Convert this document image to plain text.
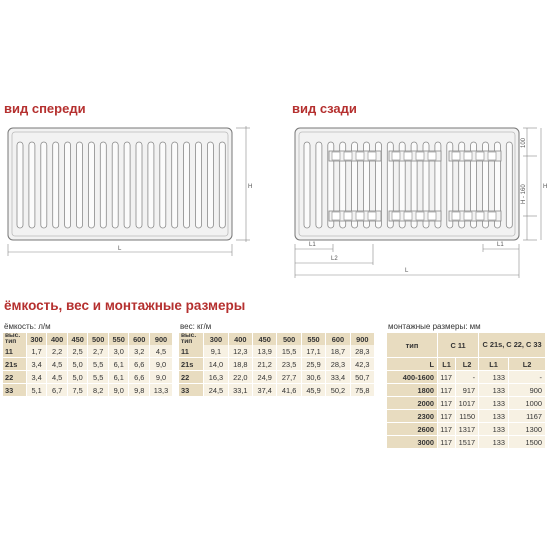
вид спереди	вид сзади
ёмкость, вес и монтажные размеры
H
L
100
H - 160	H
L1	L1
L2
L
ёмкость: л/м
выс.
тип	300	400	450	500	550	600	900
11	1,7	2,2	2,5	2,7	3,0	3,2	4,5
21s	3,4	4,5	5,0	5,5	6,1	6,6	9,0
22	3,4	4,5	5,0	5,5	6,1	6,6	9,0
33	5,1	6,7	7,5	8,2	9,0	9,8	13,3
вес: кг/м
выс.
тип	300	400	450	500	550	600	900
11	9,1	12,3	13,9	15,5	17,1	18,7	28,3
21s	14,0	18,8	21,2	23,5	25,9	28,3	42,3
22	16,3	22,0	24,9	27,7	30,6	33,4	50,7
33	24,5	33,1	37,4	41,6	45,9	50,2	75,8
монтажные размеры: мм
тип	C 11		C 21s, C 22, C 33	
L	L1	L2	L1	L2
400-1600	117	-	133	-
1800	117	917	133	900
2000	117	1017	133	1000
2300	117	1150	133	1167
2600	117	1317	133	1300
3000	117	1517	133	1500
